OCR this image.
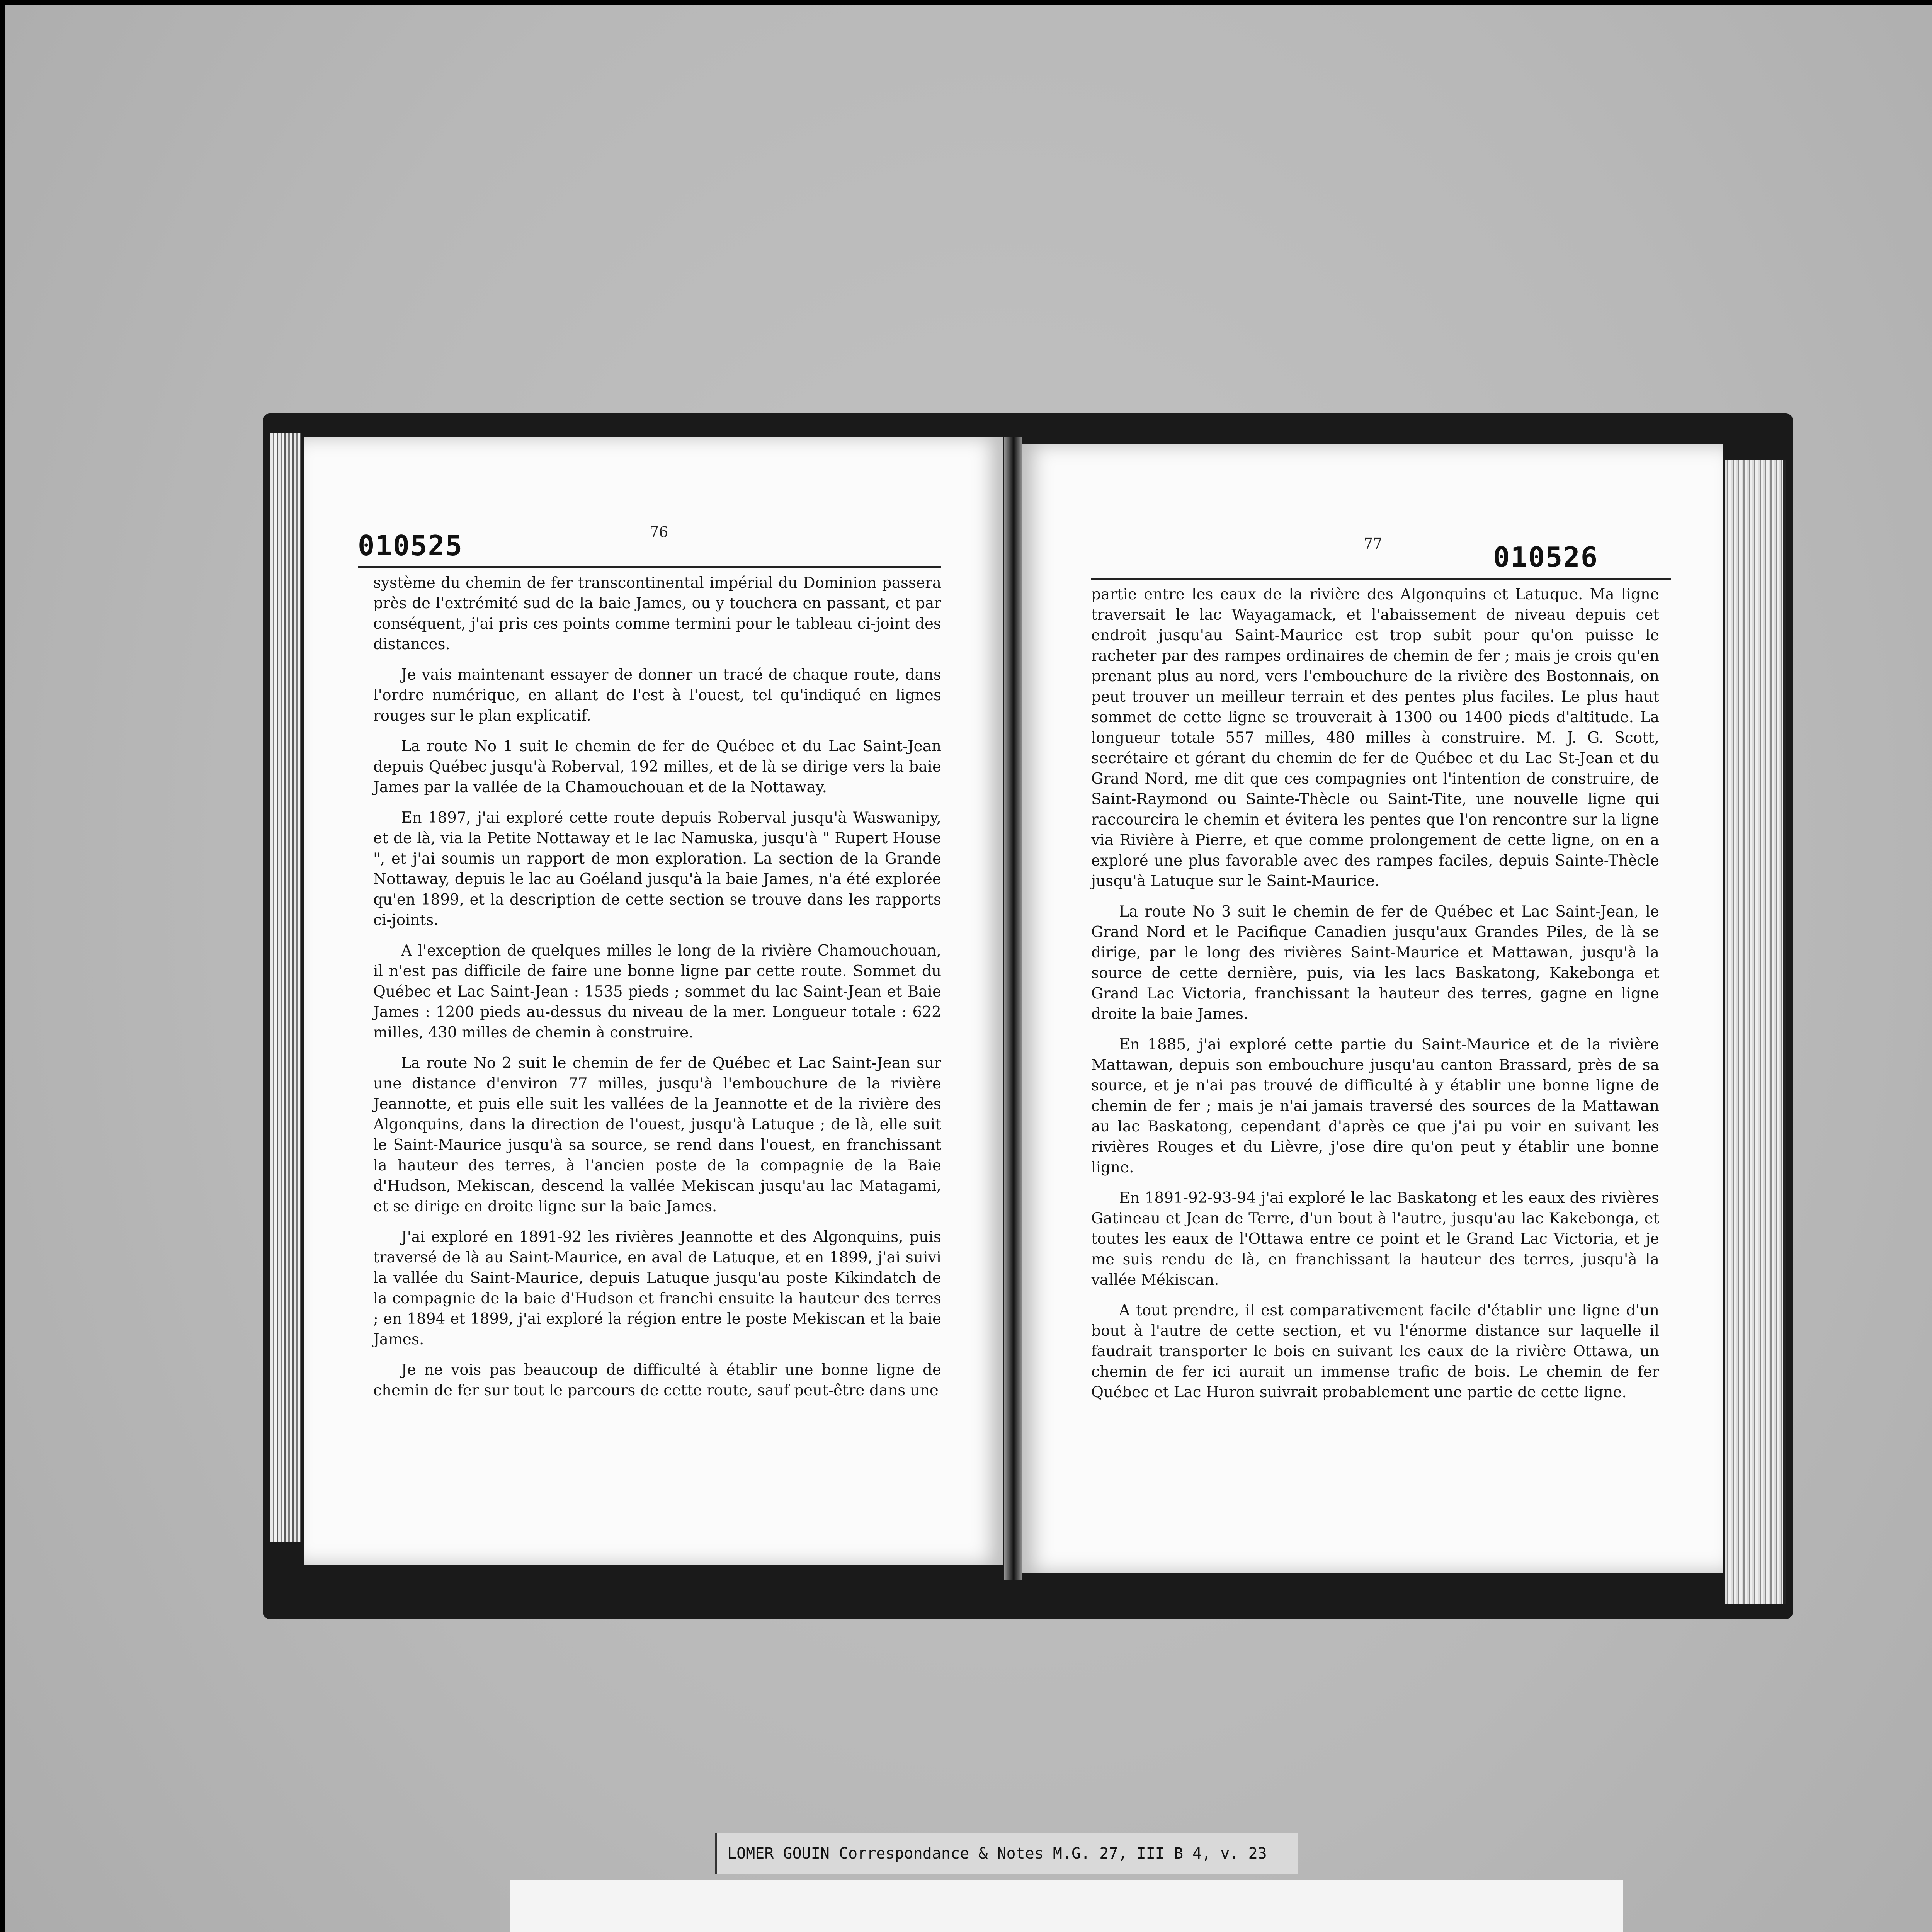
010525	76

système du chemin de fer transcontinental impérial du Dominion passera près de l'extrémité sud de la baie James, ou y touchera en passant, et par conséquent, j'ai pris ces points comme termini pour le tableau ci-joint des distances.

Je vais maintenant essayer de donner un tracé de chaque route, dans l'ordre numérique, en allant de l'est à l'ouest, tel qu'indiqué en lignes rouges sur le plan explicatif.

La route No 1 suit le chemin de fer de Québec et du Lac Saint-Jean depuis Québec jusqu'à Roberval, 192 milles, et de là se dirige vers la baie James par la vallée de la Chamouchouan et de la Nottaway.

En 1897, j'ai exploré cette route depuis Roberval jusqu'à Waswanipy, et de là, via la Petite Nottaway et le lac Namuska, jusqu'à " Rupert House ", et j'ai soumis un rapport de mon exploration. La section de la Grande Nottaway, depuis le lac au Goéland jusqu'à la baie James, n'a été explorée qu'en 1899, et la description de cette section se trouve dans les rapports ci-joints.

A l'exception de quelques milles le long de la rivière Chamouchouan, il n'est pas difficile de faire une bonne ligne par cette route. Sommet du Québec et Lac Saint-Jean : 1535 pieds ; sommet du lac Saint-Jean et Baie James : 1200 pieds au-dessus du niveau de la mer. Longueur totale : 622 milles, 430 milles de chemin à construire.

La route No 2 suit le chemin de fer de Québec et Lac Saint-Jean sur une distance d'environ 77 milles, jusqu'à l'embouchure de la rivière Jeannotte, et puis elle suit les vallées de la Jeannotte et de la rivière des Algonquins, dans la direction de l'ouest, jusqu'à Latuque ; de là, elle suit le Saint-Maurice jusqu'à sa source, se rend dans l'ouest, en franchissant la hauteur des terres, à l'ancien poste de la compagnie de la Baie d'Hudson, Mekiscan, descend la vallée Mekiscan jusqu'au lac Matagami, et se dirige en droite ligne sur la baie James.

J'ai exploré en 1891-92 les rivières Jeannotte et des Algonquins, puis traversé de là au Saint-Maurice, en aval de Latuque, et en 1899, j'ai suivi la vallée du Saint-Maurice, depuis Latuque jusqu'au poste Kikindatch de la compagnie de la baie d'Hudson et franchi ensuite la hauteur des terres ; en 1894 et 1899, j'ai exploré la région entre le poste Mekiscan et la baie James.

Je ne vois pas beaucoup de difficulté à établir une bonne ligne de chemin de fer sur tout le parcours de cette route, sauf peut-être dans une

77	010526

partie entre les eaux de la rivière des Algonquins et Latuque. Ma ligne traversait le lac Wayagamack, et l'abaissement de niveau depuis cet endroit jusqu'au Saint-Maurice est trop subit pour qu'on puisse le racheter par des rampes ordinaires de chemin de fer ; mais je crois qu'en prenant plus au nord, vers l'embouchure de la rivière des Bostonnais, on peut trouver un meilleur terrain et des pentes plus faciles. Le plus haut sommet de cette ligne se trouverait à 1300 ou 1400 pieds d'altitude. La longueur totale 557 milles, 480 milles à construire. M. J. G. Scott, secrétaire et gérant du chemin de fer de Québec et du Lac St-Jean et du Grand Nord, me dit que ces compagnies ont l'intention de construire, de Saint-Raymond ou Sainte-Thècle ou Saint-Tite, une nouvelle ligne qui raccourcira le chemin et évitera les pentes que l'on rencontre sur la ligne via Rivière à Pierre, et que comme prolongement de cette ligne, on en a exploré une plus favorable avec des rampes faciles, depuis Sainte-Thècle jusqu'à Latuque sur le Saint-Maurice.

La route No 3 suit le chemin de fer de Québec et Lac Saint-Jean, le Grand Nord et le Pacifique Canadien jusqu'aux Grandes Piles, de là se dirige, par le long des rivières Saint-Maurice et Mattawan, jusqu'à la source de cette dernière, puis, via les lacs Baskatong, Kakebonga et Grand Lac Victoria, franchissant la hauteur des terres, gagne en ligne droite la baie James.

En 1885, j'ai exploré cette partie du Saint-Maurice et de la rivière Mattawan, depuis son embouchure jusqu'au canton Brassard, près de sa source, et je n'ai pas trouvé de difficulté à y établir une bonne ligne de chemin de fer ; mais je n'ai jamais traversé des sources de la Mattawan au lac Baskatong, cependant d'après ce que j'ai pu voir en suivant les rivières Rouges et du Lièvre, j'ose dire qu'on peut y établir une bonne ligne.

En 1891-92-93-94 j'ai exploré le lac Baskatong et les eaux des rivières Gatineau et Jean de Terre, d'un bout à l'autre, jusqu'au lac Kakebonga, et toutes les eaux de l'Ottawa entre ce point et le Grand Lac Victoria, et je me suis rendu de là, en franchissant la hauteur des terres, jusqu'à la vallée Mékiscan.

A tout prendre, il est comparativement facile d'établir une ligne d'un bout à l'autre de cette section, et vu l'énorme distance sur laquelle il faudrait transporter le bois en suivant les eaux de la rivière Ottawa, un chemin de fer ici aurait un immense trafic de bois. Le chemin de fer Québec et Lac Huron suivrait probablement une partie de cette ligne.

LOMER GOUIN Correspondance & Notes M.G. 27, III B 4, v. 23
